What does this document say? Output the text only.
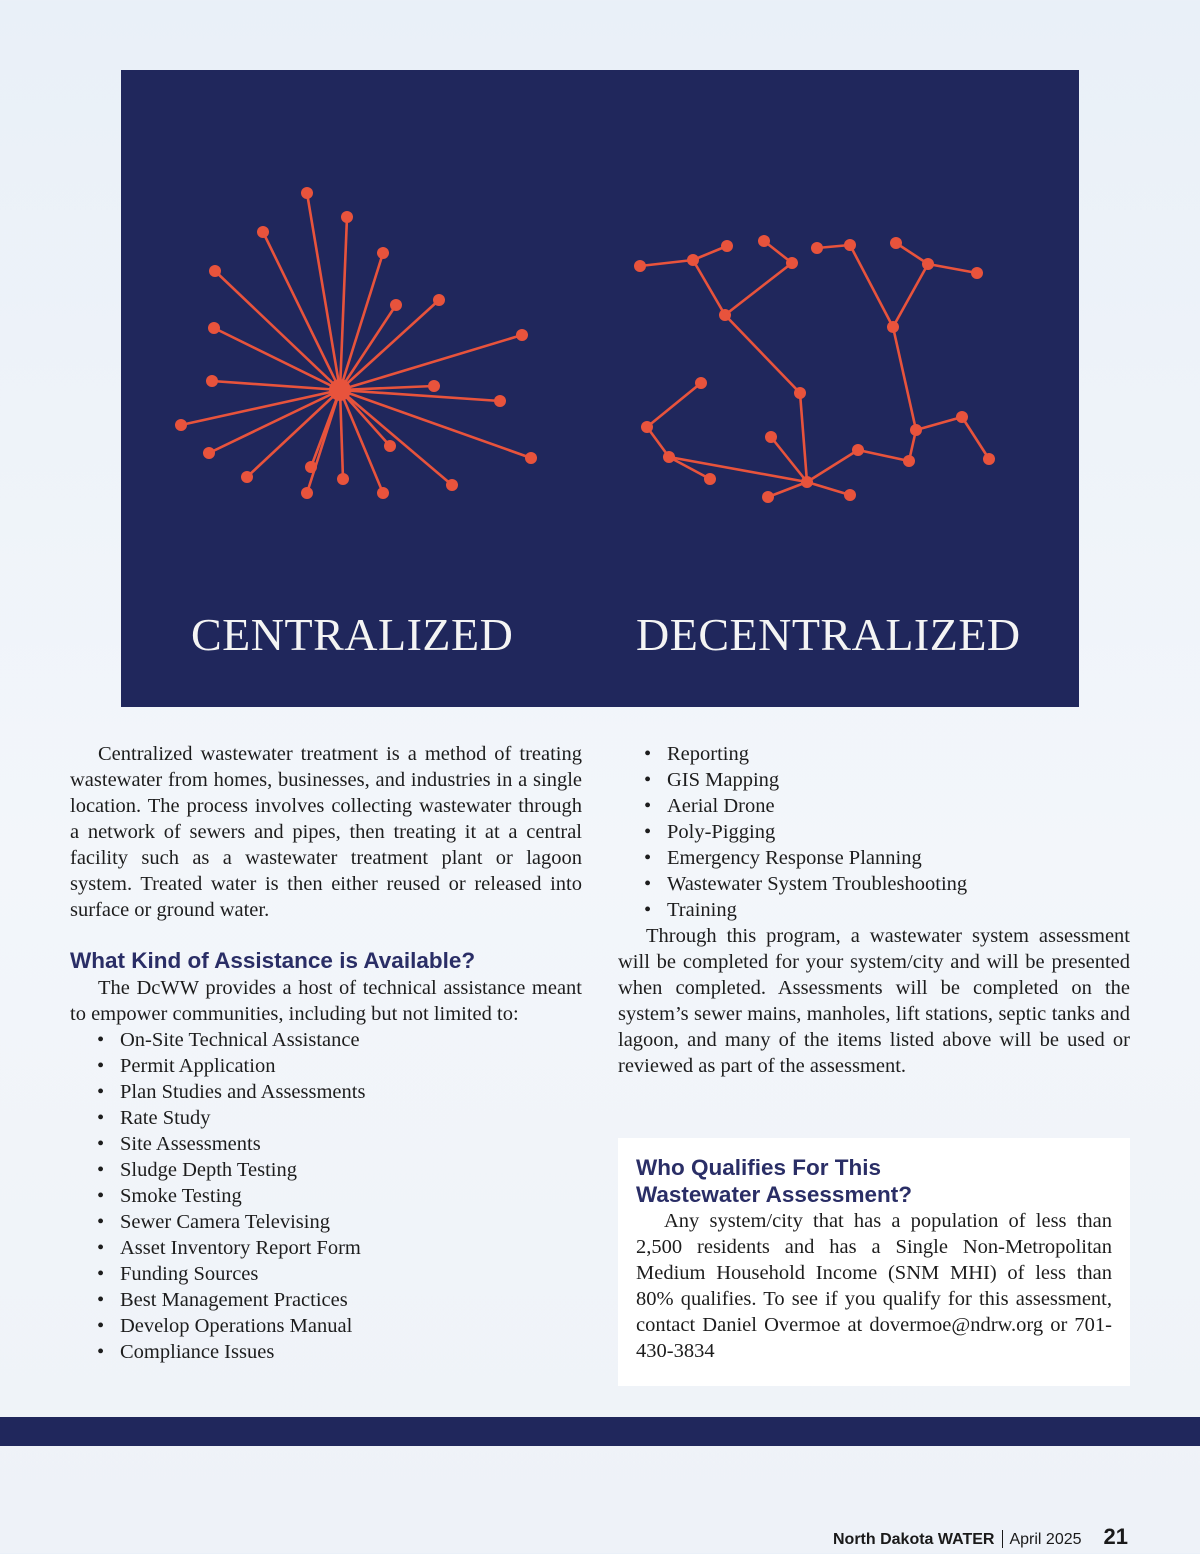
CENTRALIZED	DECENTRALIZED

Centralized wastewater treatment is a method of treating wastewater from homes, businesses, and industries in a single location. The process involves collecting wastewater through a network of sewers and pipes, then treating it at a central facility such as a wastewater treatment plant or lagoon system. Treated water is then either reused or released into surface or ground water.

What Kind of Assistance is Available?

The DcWW provides a host of technical assistance meant to empower communities, including but not limited to:

• On-Site Technical Assistance
• Permit Application
• Plan Studies and Assessments
• Rate Study
• Site Assessments
• Sludge Depth Testing
• Smoke Testing
• Sewer Camera Televising
• Asset Inventory Report Form
• Funding Sources
• Best Management Practices
• Develop Operations Manual
• Compliance Issues
• Reporting
• GIS Mapping
• Aerial Drone
• Poly-Pigging
• Emergency Response Planning
• Wastewater System Troubleshooting
• Training

Through this program, a wastewater system assessment will be completed for your system/city and will be presented when completed. Assessments will be completed on the system’s sewer mains, manholes, lift stations, septic tanks and lagoon, and many of the items listed above will be used or reviewed as part of the assessment.

Who Qualifies For This
Wastewater Assessment?

Any system/city that has a population of less than 2,500 residents and has a Single Non-Metropolitan Medium Household Income (SNM MHI) of less than 80% qualifies. To see if you qualify for this assessment, contact Daniel Overmoe at dovermoe@ndrw.org or 701-430-3834

North Dakota WATER April 2025 21
